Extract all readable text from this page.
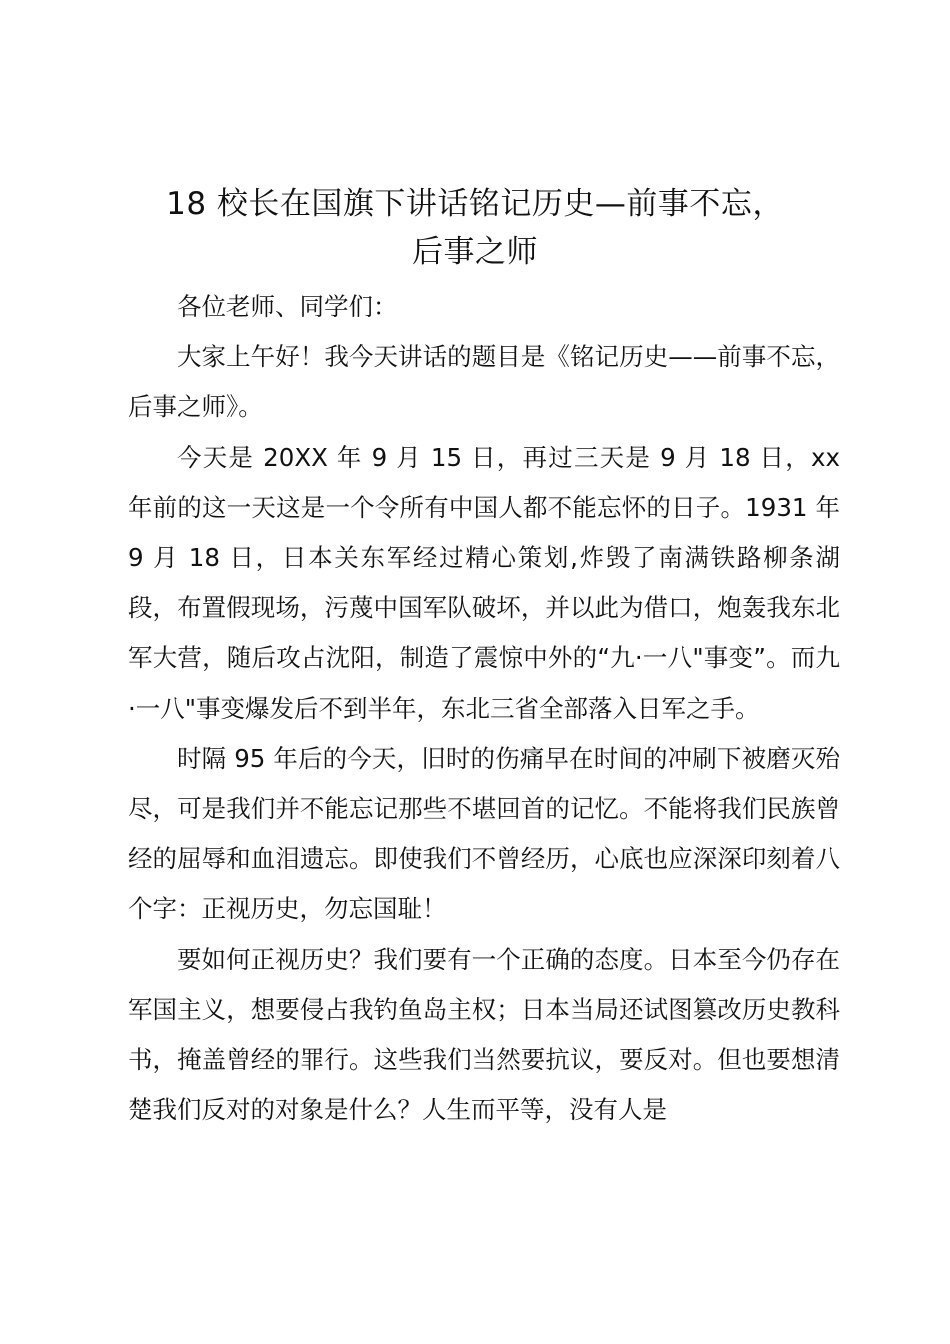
18 校长在国旗下讲话铭记历史—前事不忘，
后事之师

各位老师、同学们：

大家上午好！我今天讲话的题目是《铭记历史——前事不忘，后事之师》。

今天是 20XX 年 9 月 15 日，再过三天是 9 月 18 日，xx 年前的这一天这是一个令所有中国人都不能忘怀的日子。1931 年 9 月 18 日，日本关东军经过精心策划,炸毁了南满铁路柳条湖段，布置假现场，污蔑中国军队破坏，并以此为借口，炮轰我东北军大营，随后攻占沈阳，制造了震惊中外的“九·一八"事变”。而九·一八"事变爆发后不到半年，东北三省全部落入日军之手。

时隔 95 年后的今天，旧时的伤痛早在时间的冲刷下被磨灭殆尽，可是我们并不能忘记那些不堪回首的记忆。不能将我们民族曾经的屈辱和血泪遗忘。即使我们不曾经历，心底也应深深印刻着八个字：正视历史，勿忘国耻！

要如何正视历史？我们要有一个正确的态度。日本至今仍存在军国主义，想要侵占我钓鱼岛主权；日本当局还试图篡改历史教科书，掩盖曾经的罪行。这些我们当然要抗议，要反对。但也要想清楚我们反对的对象是什么？人生而平等，没有人是
